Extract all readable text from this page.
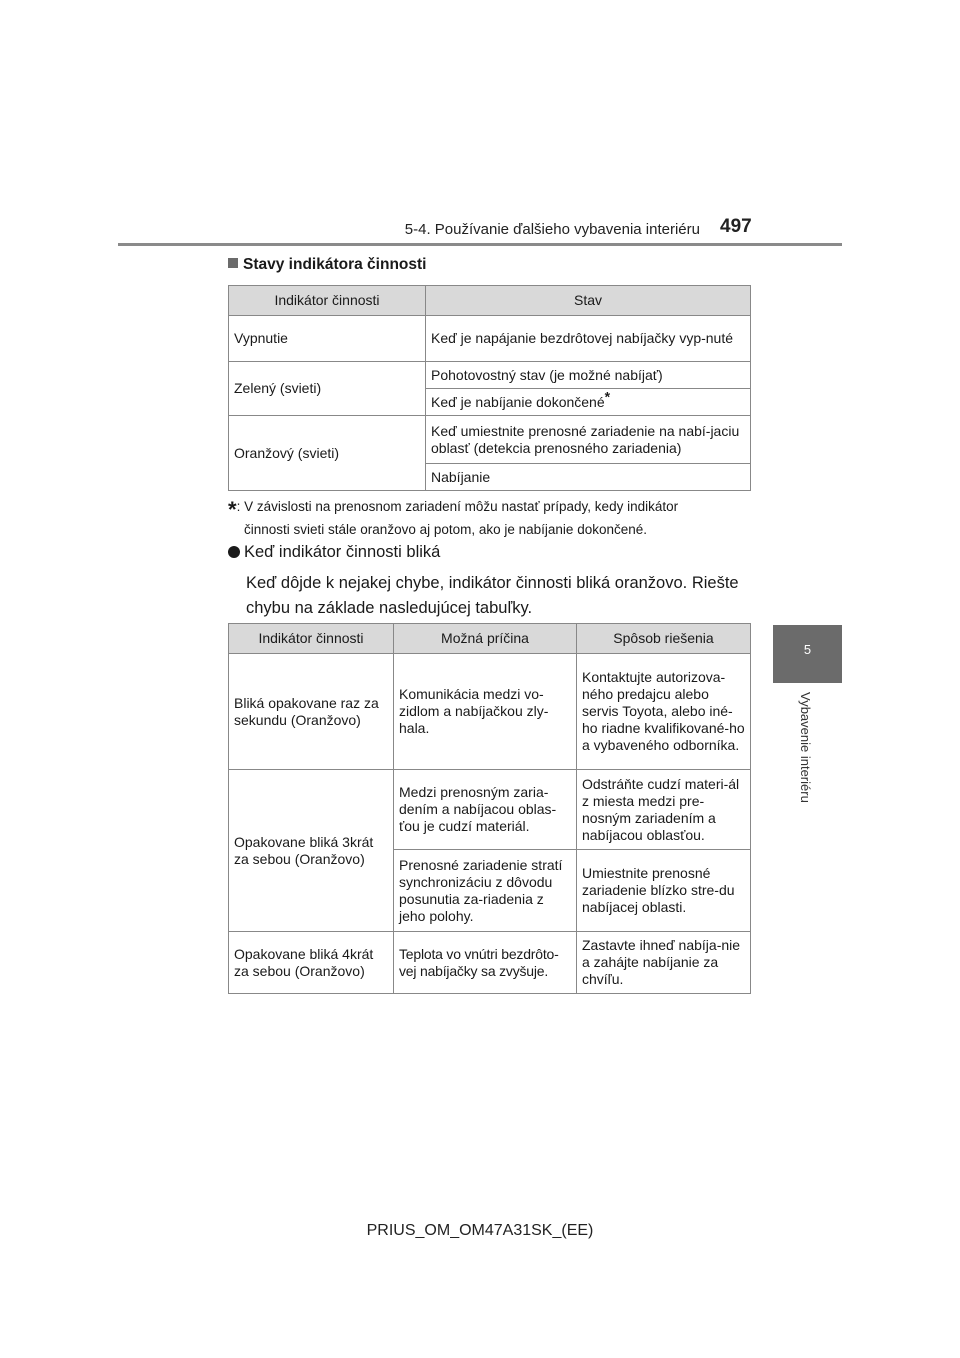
5-4. Používanie ďalšieho vybavenia interiéru 497
5
Vybavenie interiéru
Stavy indikátora činnosti
Indikátor činnosti	Stav
Vypnutie	Keď je napájanie bezdrôtovej nabíjačky vyp-nuté
Zelený (svieti)	Pohotovostný stav (je možné nabíjať)
	Keď je nabíjanie dokončené*
Oranžový (svieti)	Keď umiestnite prenosné zariadenie na nabí-jaciu oblasť (detekcia prenosného zariadenia)
	Nabíjanie
*: V závislosti na prenosnom zariadení môžu nastať prípady, kedy indikátor
činnosti svieti stále oranžovo aj potom, ako je nabíjanie dokončené.
Keď indikátor činnosti bliká
Keď dôjde k nejakej chybe, indikátor činnosti bliká oranžovo. Riešte chybu na základe nasledujúcej tabuľky.
Indikátor činnosti	Možná príčina	Spôsob riešenia
Bliká opakovane raz za sekundu (Oranžovo)	Komunikácia medzi vo-zidlom a nabíjačkou zly-hala.	Kontaktujte autorizova-ného predajcu alebo servis Toyota, alebo iné-ho riadne kvalifikované-ho a vybaveného odborníka.
Opakovane bliká 3krát za sebou (Oranžovo)	Medzi prenosným zaria-dením a nabíjacou oblas-ťou je cudzí materiál.	Odstráňte cudzí materi-ál z miesta medzi pre-nosným zariadením a nabíjacou oblasťou.
	Prenosné zariadenie stratí synchronizáciu z dôvodu posunutia za-riadenia z jeho polohy.	Umiestnite prenosné zariadenie blízko stre-du nabíjacej oblasti.
Opakovane bliká 4krát za sebou (Oranžovo)	Teplota vo vnútri bezdrôto-vej nabíjačky sa zvyšuje.	Zastavte ihneď nabíja-nie a zahájte nabíjanie za chvíľu.
PRIUS_OM_OM47A31SK_(EE)
